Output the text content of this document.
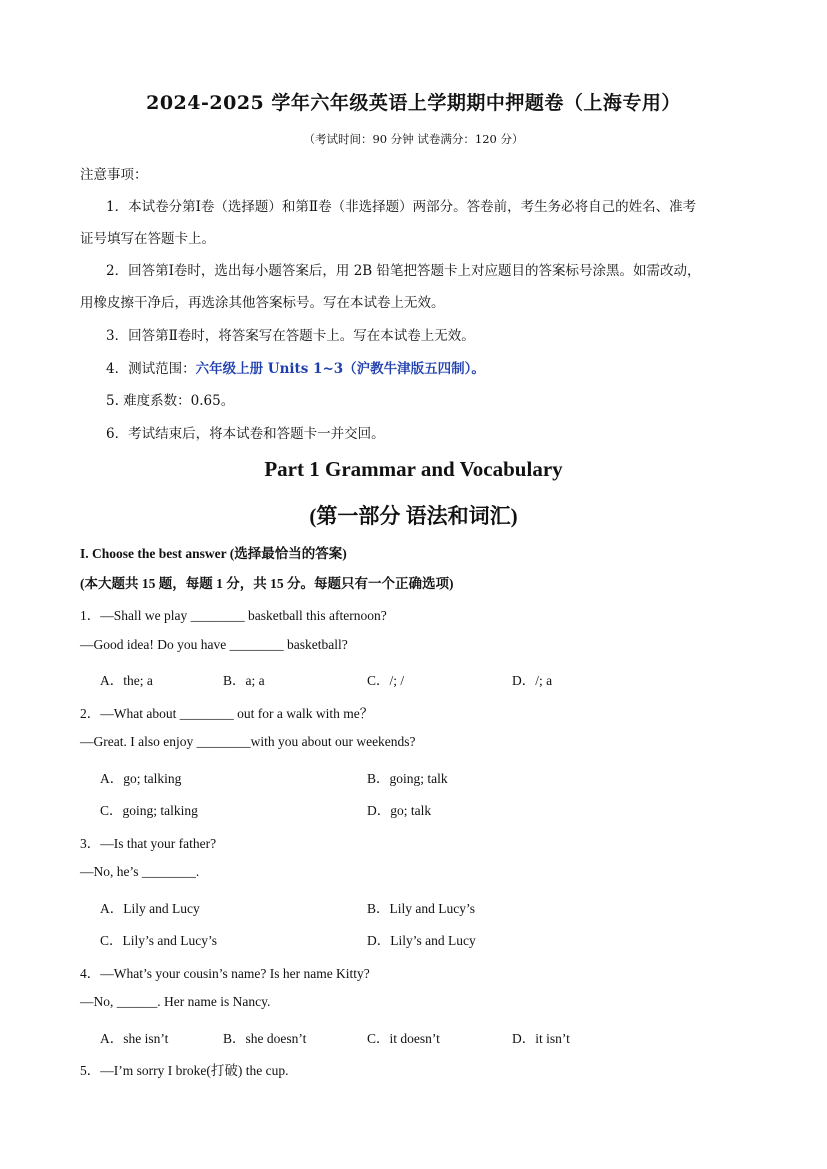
2024-2025 学年六年级英语上学期期中押题卷（上海专用）
（考试时间：90 分钟 试卷满分：120 分）
注意事项：
1．本试卷分第Ⅰ卷（选择题）和第Ⅱ卷（非选择题）两部分。答卷前，考生务必将自己的姓名、准考
证号填写在答题卡上。
2．回答第Ⅰ卷时，选出每小题答案后，用 2B 铅笔把答题卡上对应题目的答案标号涂黑。如需改动，
用橡皮擦干净后，再选涂其他答案标号。写在本试卷上无效。
3．回答第Ⅱ卷时，将答案写在答题卡上。写在本试卷上无效。
4．测试范围：六年级上册 Units 1~3（沪教牛津版五四制）。
5. 难度系数：0.65。
6．考试结束后，将本试卷和答题卡一并交回。
Part 1 Grammar and Vocabulary
(第一部分 语法和词汇)
I. Choose the best answer (选择最恰当的答案)
(本大题共 15 题，每题 1 分，共 15 分。每题只有一个正确选项)
1．—Shall we play ________ basketball this afternoon?
—Good idea! Do you have ________ basketball?
A．the; a	B．a; a	C．/; /	D．/; a
2．—What about ________ out for a walk with me？
—Great. I also enjoy ________with you about our weekends?
A．go; talking	B．going; talk
C．going; talking	D．go; talk
3．—Is that your father?
—No, he’s ________.
A．Lily and Lucy	B．Lily and Lucy’s
C．Lily’s and Lucy’s	D．Lily’s and Lucy
4．—What’s your cousin’s name? Is her name Kitty?
—No, ______. Her name is Nancy.
A．she isn’t	B．she doesn’t	C．it doesn’t	D．it isn’t
5．—I’m sorry I broke(打破) the cup.
